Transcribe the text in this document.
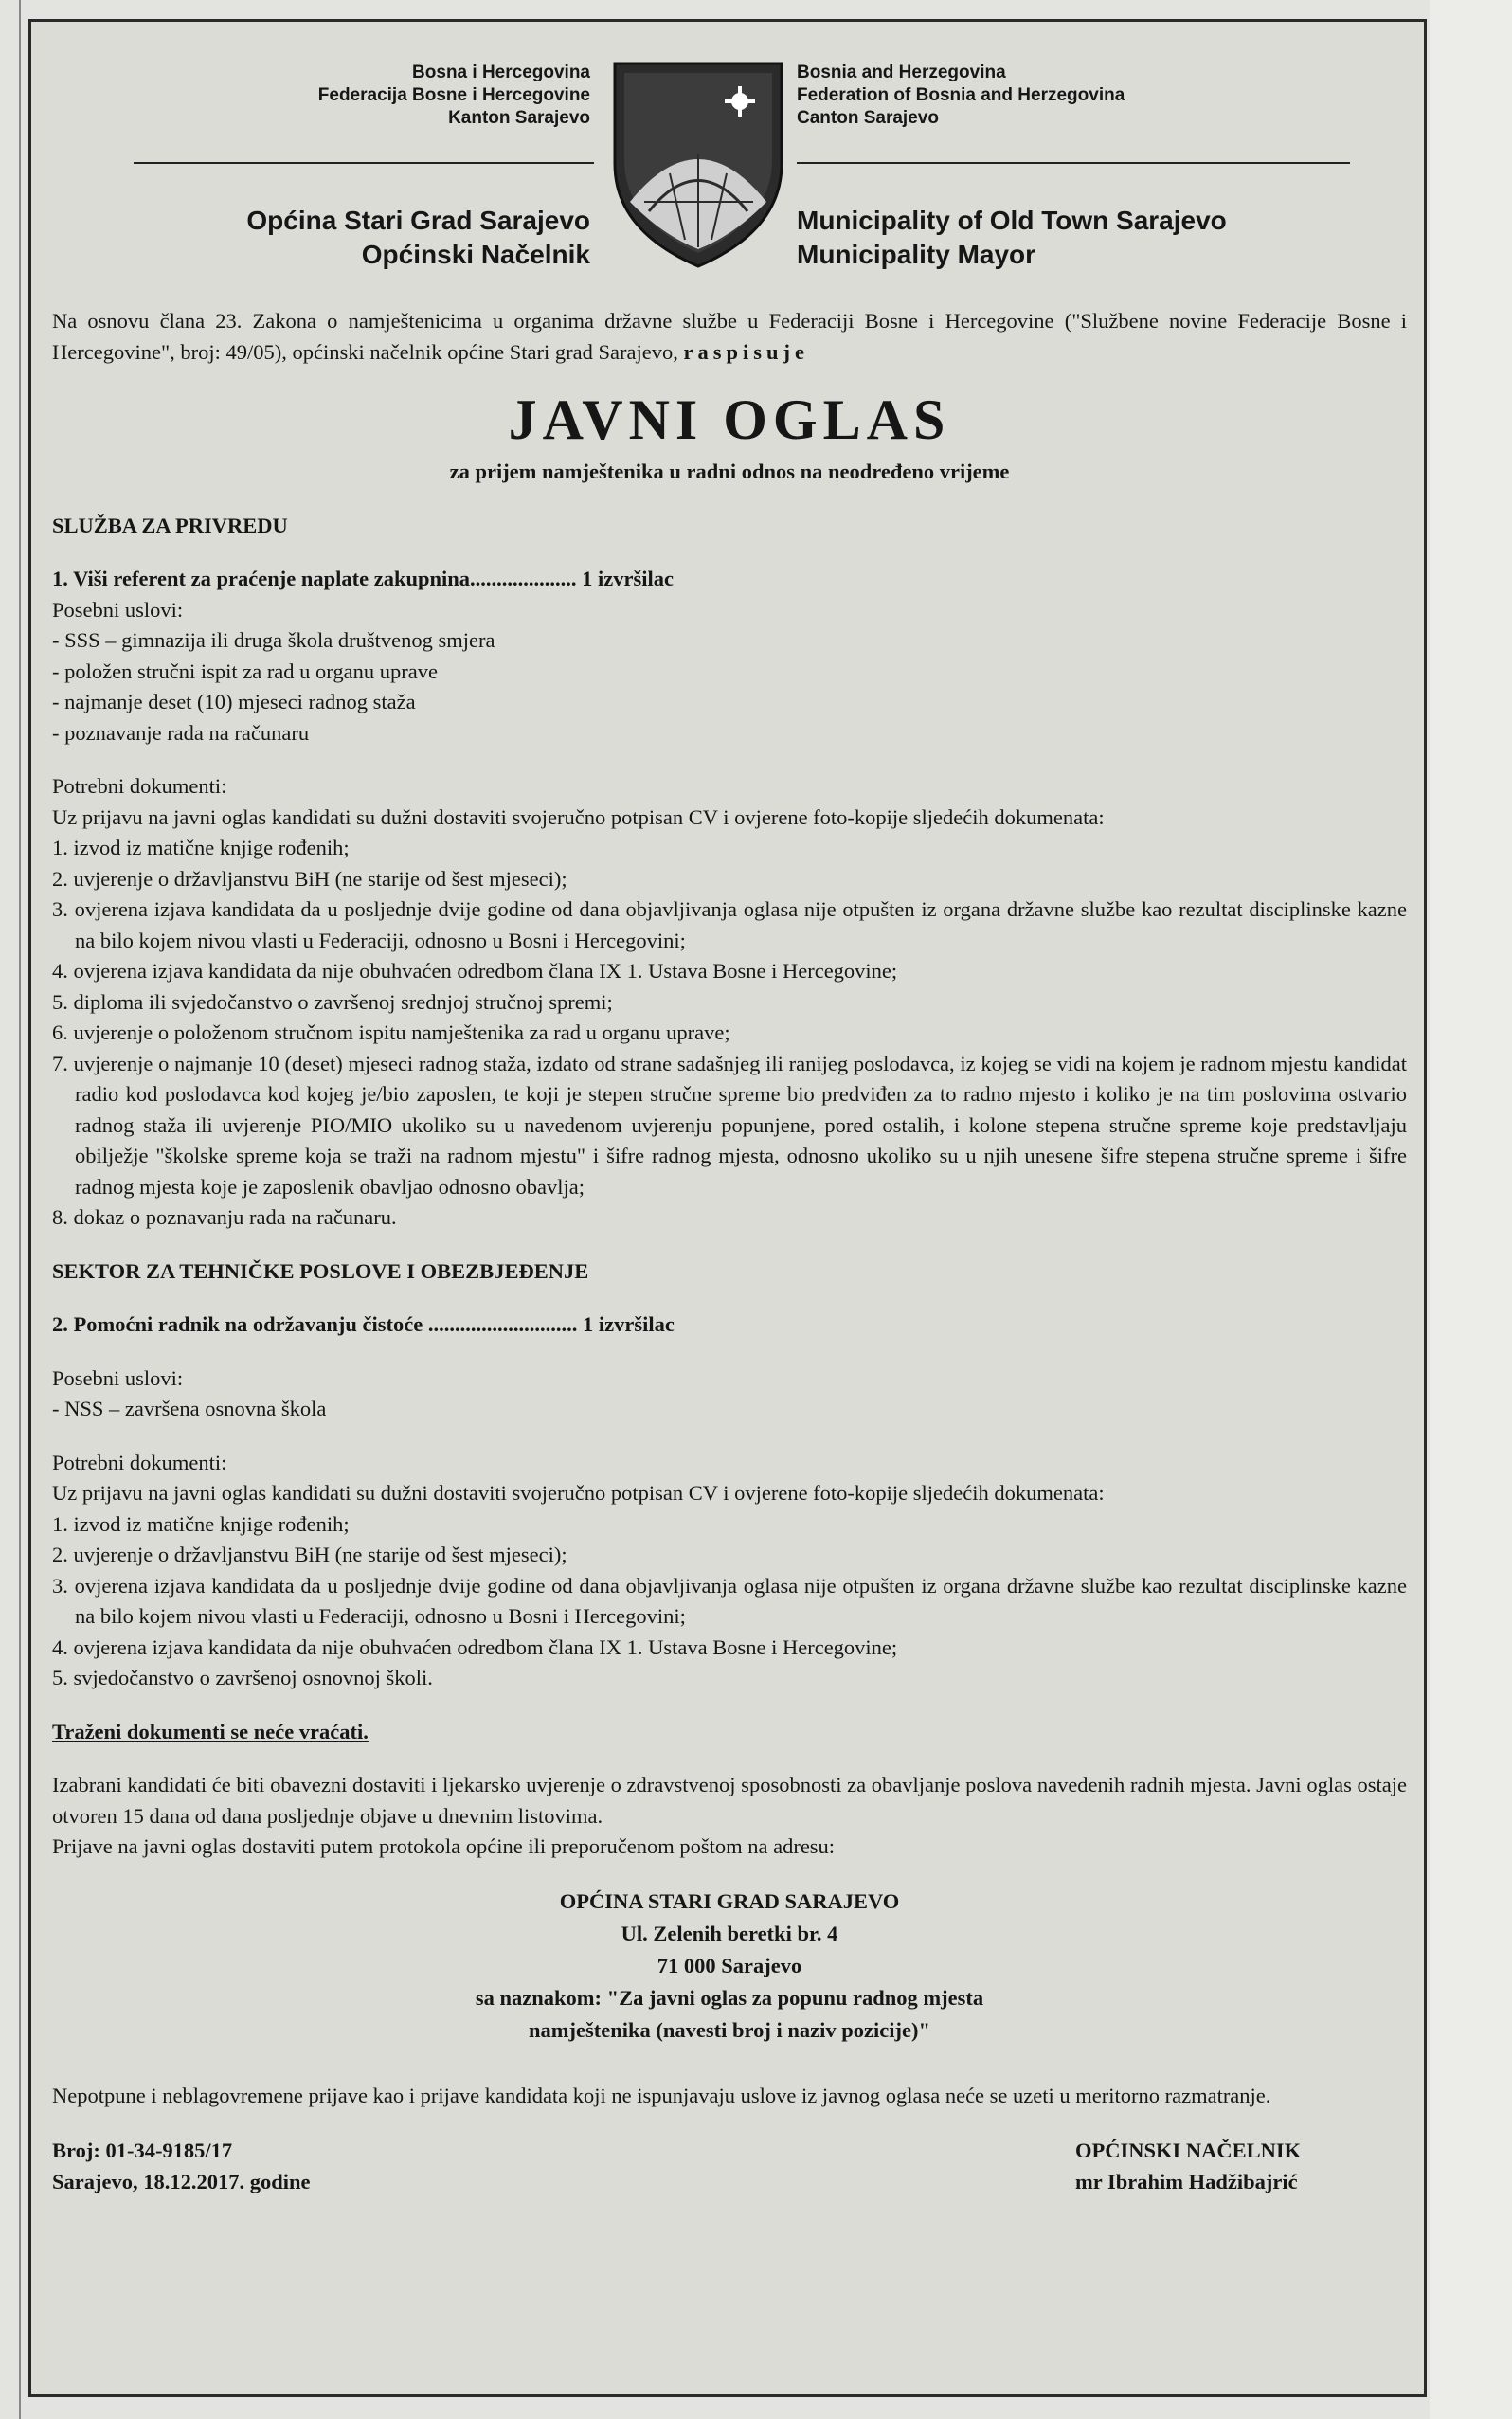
Bosna i Hercegovina
Federacija Bosne i Hercegovine
Kanton Sarajevo
Općina Stari Grad Sarajevo
Općinski Načelnik
Bosnia and Herzegovina
Federation of Bosnia and Herzegovina
Canton Sarajevo
Municipality of Old Town Sarajevo
Municipality Mayor

Na osnovu člana 23. Zakona o namještenicima u organima državne službe u Federaciji Bosne i Hercegovine ("Službene novine Federacije Bosne i Hercegovine", broj: 49/05), općinski načelnik općine Stari grad Sarajevo, raspisuje

JAVNI OGLAS

za prijem namještenika u radni odnos na neodređeno vrijeme

SLUŽBA ZA PRIVREDU

1. Viši referent za praćenje naplate zakupnina.................... 1 izvršilac

Posebni uslovi:

- SSS – gimnazija ili druga škola društvenog smjera

- položen stručni ispit za rad u organu uprave

- najmanje deset (10) mjeseci radnog staža

- poznavanje rada na računaru

Potrebni dokumenti:

Uz prijavu na javni oglas kandidati su dužni dostaviti svojeručno potpisan CV i ovjerene foto-kopije sljedećih dokumenata:

1. izvod iz matične knjige rođenih;

2. uvjerenje o državljanstvu BiH (ne starije od šest mjeseci);

3. ovjerena izjava kandidata da u posljednje dvije godine od dana objavljivanja oglasa nije otpušten iz organa državne službe kao rezultat disciplinske kazne na bilo kojem nivou vlasti u Federaciji, odnosno u Bosni i Hercegovini;

4. ovjerena izjava kandidata da nije obuhvaćen odredbom člana IX 1. Ustava Bosne i Hercegovine;

5. diploma ili svjedočanstvo o završenoj srednjoj stručnoj spremi;

6. uvjerenje o položenom stručnom ispitu namještenika za rad u organu uprave;

7. uvjerenje o najmanje 10 (deset) mjeseci radnog staža, izdato od strane sadašnjeg ili ranijeg poslodavca, iz kojeg se vidi na kojem je radnom mjestu kandidat radio kod poslodavca kod kojeg je/bio zaposlen, te koji je stepen stručne spreme bio predviđen za to radno mjesto i koliko je na tim poslovima ostvario radnog staža ili uvjerenje PIO/MIO ukoliko su u navedenom uvjerenju popunjene, pored ostalih, i kolone stepena stručne spreme koje predstavljaju obilježje "školske spreme koja se traži na radnom mjestu" i šifre radnog mjesta, odnosno ukoliko su u njih unesene šifre stepena stručne spreme i šifre radnog mjesta koje je zaposlenik obavljao odnosno obavlja;

8. dokaz o poznavanju rada na računaru.

SEKTOR ZA TEHNIČKE POSLOVE I OBEZBJEĐENJE

2. Pomoćni radnik na održavanju čistoće ............................ 1 izvršilac

Posebni uslovi:

- NSS – završena osnovna škola

Potrebni dokumenti:

Uz prijavu na javni oglas kandidati su dužni dostaviti svojeručno potpisan CV i ovjerene foto-kopije sljedećih dokumenata:

1. izvod iz matične knjige rođenih;

2. uvjerenje o državljanstvu BiH (ne starije od šest mjeseci);

3. ovjerena izjava kandidata da u posljednje dvije godine od dana objavljivanja oglasa nije otpušten iz organa državne službe kao rezultat disciplinske kazne na bilo kojem nivou vlasti u Federaciji, odnosno u Bosni i Hercegovini;

4. ovjerena izjava kandidata da nije obuhvaćen odredbom člana IX 1. Ustava Bosne i Hercegovine;

5. svjedočanstvo o završenoj osnovnoj školi.

Traženi dokumenti se neće vraćati.

Izabrani kandidati će biti obavezni dostaviti i ljekarsko uvjerenje o zdravstvenoj sposobnosti za obavljanje poslova navedenih radnih mjesta. Javni oglas ostaje otvoren 15 dana od dana posljednje objave u dnevnim listovima.

Prijave na javni oglas dostaviti putem protokola općine ili preporučenom poštom na adresu:

OPĆINA STARI GRAD SARAJEVO

Ul. Zelenih beretki br. 4

71 000 Sarajevo

sa naznakom: "Za javni oglas za popunu radnog mjesta

namještenika (navesti broj i naziv pozicije)"

Nepotpune i neblagovremene prijave kao i prijave kandidata koji ne ispunjavaju uslove iz javnog oglasa neće se uzeti u meritorno razmatranje.

Broj: 01-34-9185/17
Sarajevo, 18.12.2017. godine
OPĆINSKI NAČELNIK
mr Ibrahim Hadžibajrić
